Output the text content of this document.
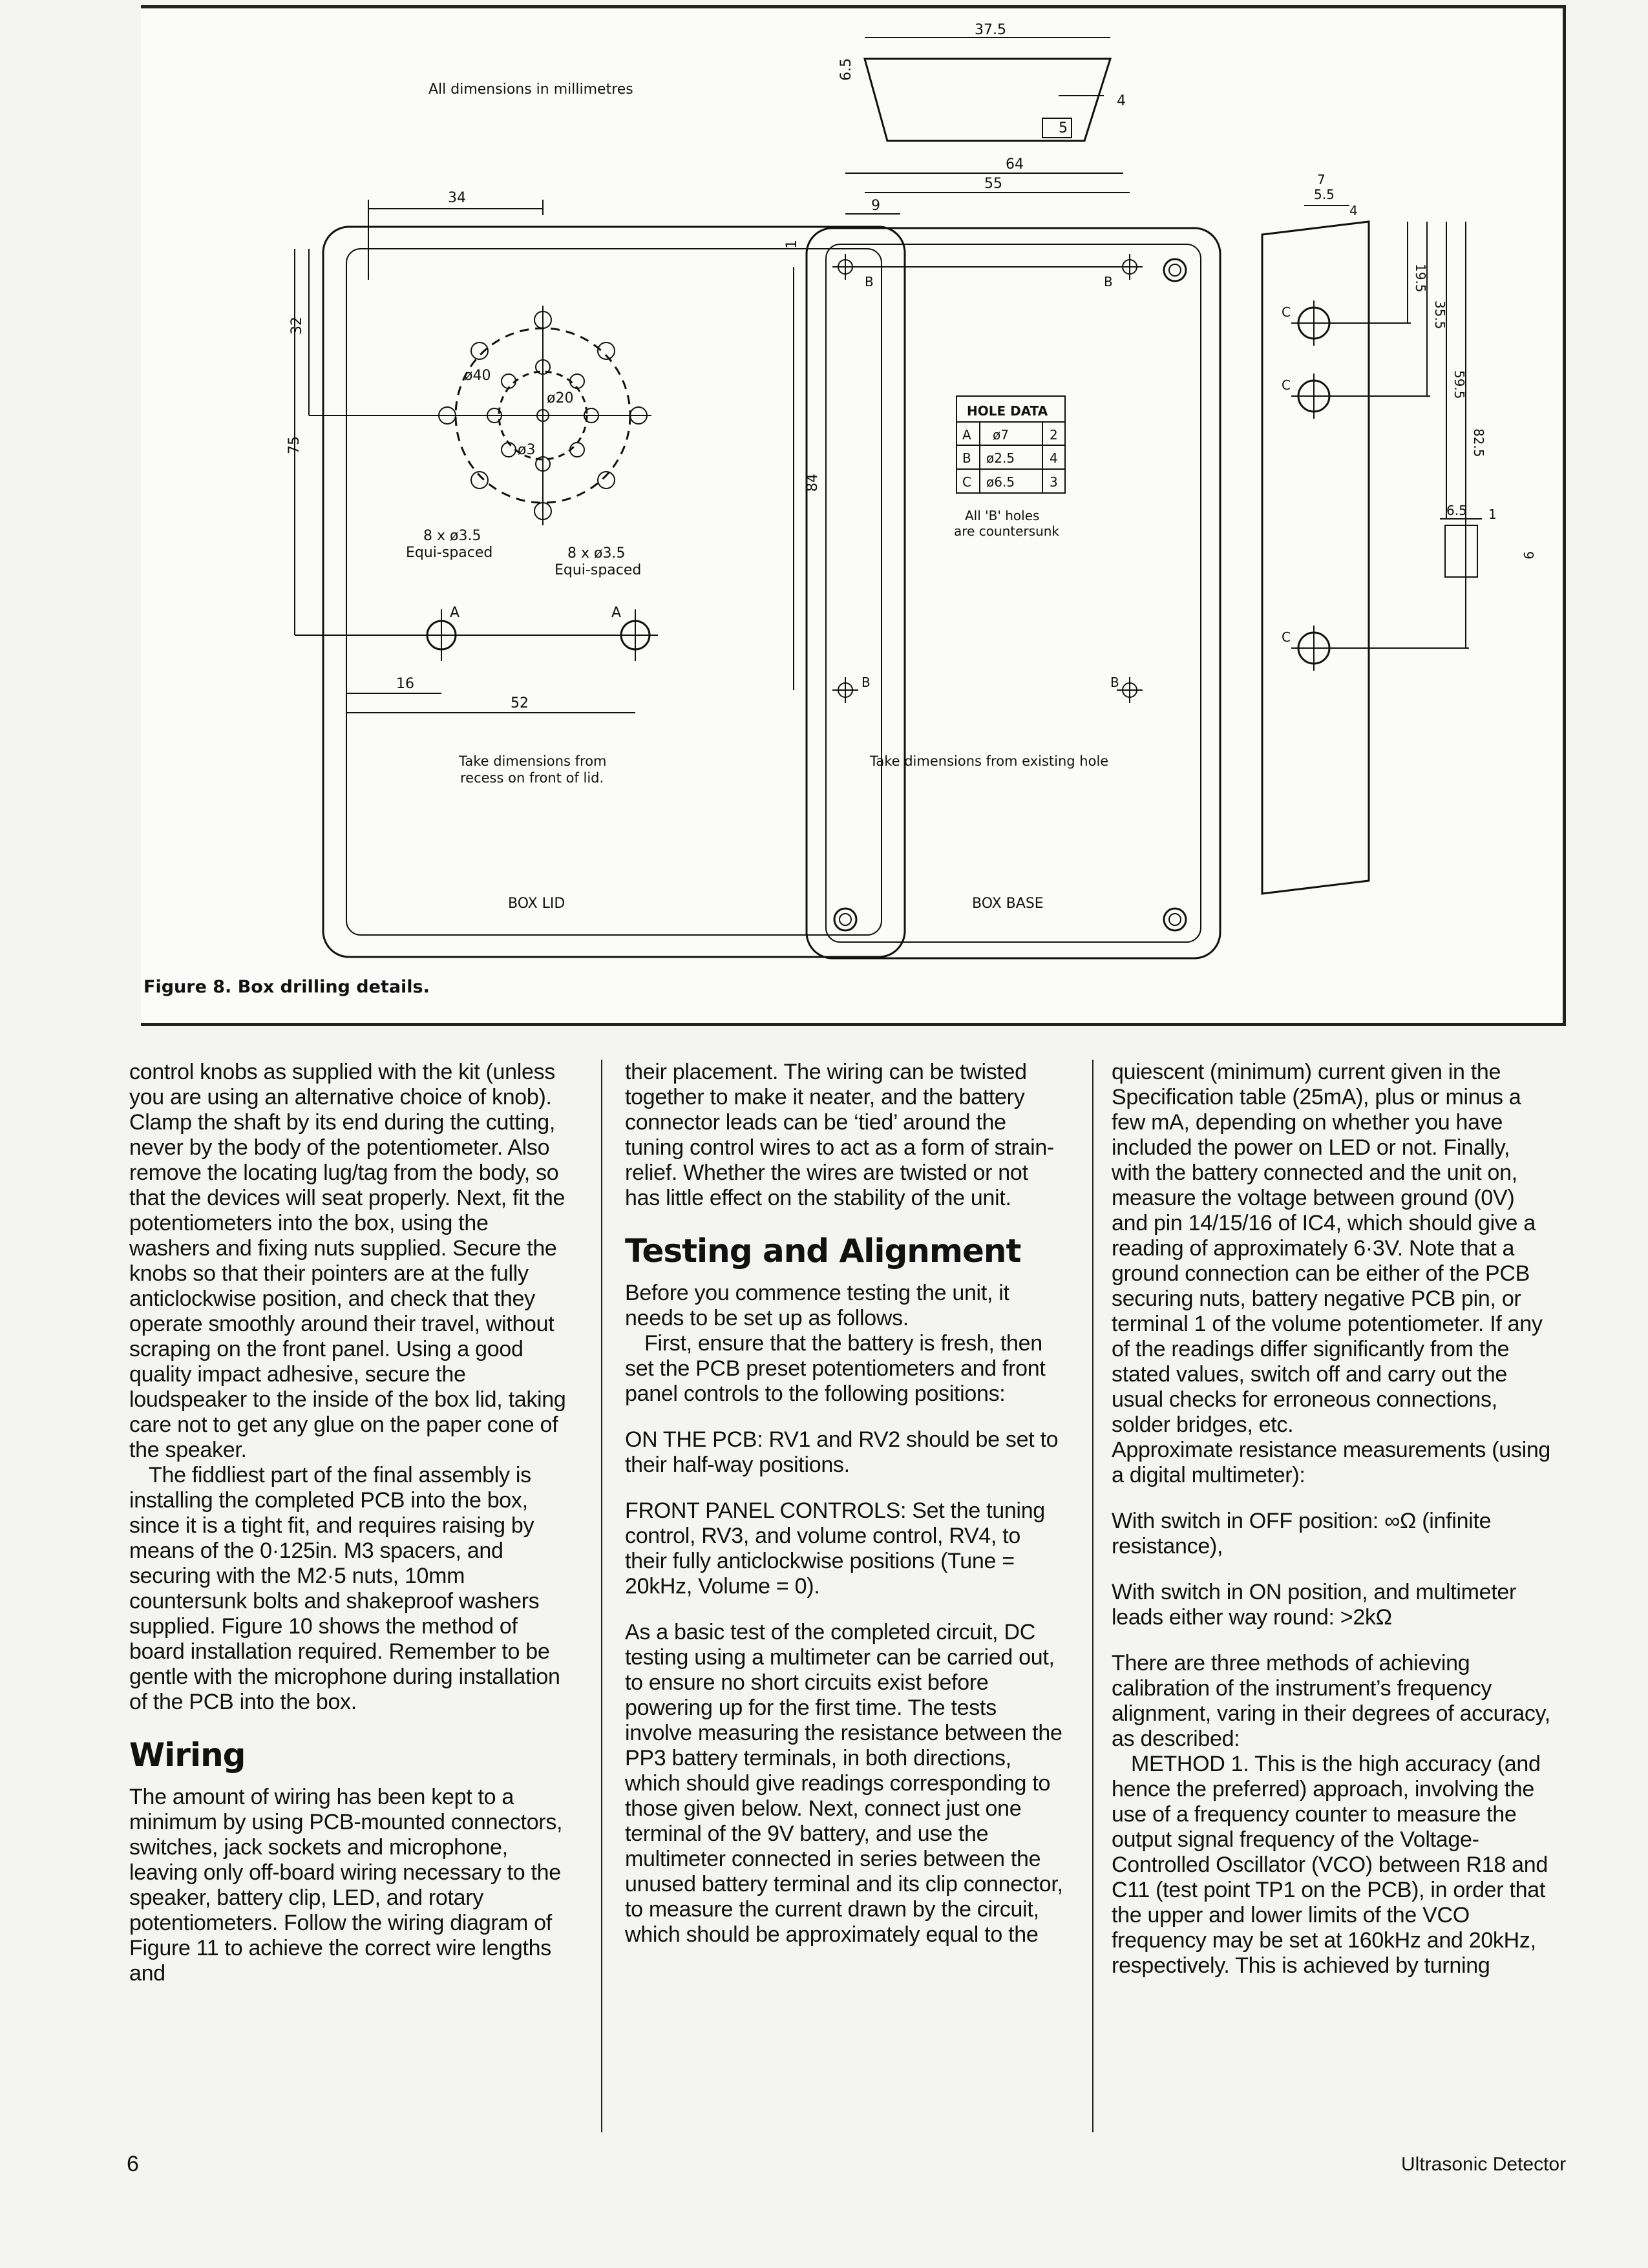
All dimensions in millimetres
34
32
75
ø40
ø20
ø3
8 x ø3.5
Equi-spaced	8 x ø3.5
Equi-spaced
A	A
16
52
Take dimensions from
recess on front of lid.
BOX LID
37.5
6.5
5
4
64
55
9
1
84
B	B
B	B
HOLE DATA
A ø7	2
B ø2.5	4
C ø6.5	3
All 'B' holes
are countersunk
Take dimensions from existing hole
BOX BASE
7
5.5
4
C
C
C
19.5
35.5
59.5
82.5
6.5 1
9
Figure 8. Box drilling details.

control knobs as supplied with the kit (unless you are using an alternative choice of knob). Clamp the shaft by its end during the cutting, never by the body of the potentiometer. Also remove the locating lug/tag from the body, so that the devices will seat properly. Next, fit the potentiometers into the box, using the washers and fixing nuts supplied. Secure the knobs so that their pointers are at the fully anticlockwise position, and check that they operate smoothly around their travel, without scraping on the front panel. Using a good quality impact adhesive, secure the loudspeaker to the inside of the box lid, taking care not to get any glue on the paper cone of the speaker.

The fiddliest part of the final assembly is installing the completed PCB into the box, since it is a tight fit, and requires raising by means of the 0·125in. M3 spacers, and securing with the M2·5 nuts, 10mm countersunk bolts and shakeproof washers supplied. Figure 10 shows the method of board installation required. Remember to be gentle with the microphone during installation of the PCB into the box.

Wiring

The amount of wiring has been kept to a minimum by using PCB-mounted connectors, switches, jack sockets and microphone, leaving only off-board wiring necessary to the speaker, battery clip, LED, and rotary potentiometers. Follow the wiring diagram of Figure 11 to achieve the correct wire lengths and

their placement. The wiring can be twisted together to make it neater, and the battery connector leads can be ‘tied’ around the tuning control wires to act as a form of strain-relief. Whether the wires are twisted or not has little effect on the stability of the unit.

Testing and Alignment

Before you commence testing the unit, it needs to be set up as follows.

First, ensure that the battery is fresh, then set the PCB preset potentiometers and front panel controls to the following positions:

ON THE PCB: RV1 and RV2 should be set to their half-way positions.

FRONT PANEL CONTROLS: Set the tuning control, RV3, and volume control, RV4, to their fully anticlockwise positions (Tune = 20kHz, Volume = 0).

As a basic test of the completed circuit, DC testing using a multimeter can be carried out, to ensure no short circuits exist before powering up for the first time. The tests involve measuring the resistance between the PP3 battery terminals, in both directions, which should give readings corresponding to those given below. Next, connect just one terminal of the 9V battery, and use the multimeter connected in series between the unused battery terminal and its clip connector, to measure the current drawn by the circuit, which should be approximately equal to the

quiescent (minimum) current given in the Specification table (25mA), plus or minus a few mA, depending on whether you have included the power on LED or not. Finally, with the battery connected and the unit on, measure the voltage between ground (0V) and pin 14/15/16 of IC4, which should give a reading of approximately 6·3V. Note that a ground connection can be either of the PCB securing nuts, battery negative PCB pin, or terminal 1 of the volume potentiometer. If any of the readings differ significantly from the stated values, switch off and carry out the usual checks for erroneous connections, solder bridges, etc.

Approximate resistance measurements (using a digital multimeter):

With switch in OFF position: ∞Ω (infinite resistance),

With switch in ON position, and multimeter leads either way round: >2kΩ

There are three methods of achieving calibration of the instrument’s frequency alignment, varing in their degrees of accuracy, as described:

METHOD 1. This is the high accuracy (and hence the preferred) approach, involving the use of a frequency counter to measure the output signal frequency of the Voltage-Controlled Oscillator (VCO) between R18 and C11 (test point TP1 on the PCB), in order that the upper and lower limits of the VCO frequency may be set at 160kHz and 20kHz, respectively. This is achieved by turning

6	Ultrasonic Detector
